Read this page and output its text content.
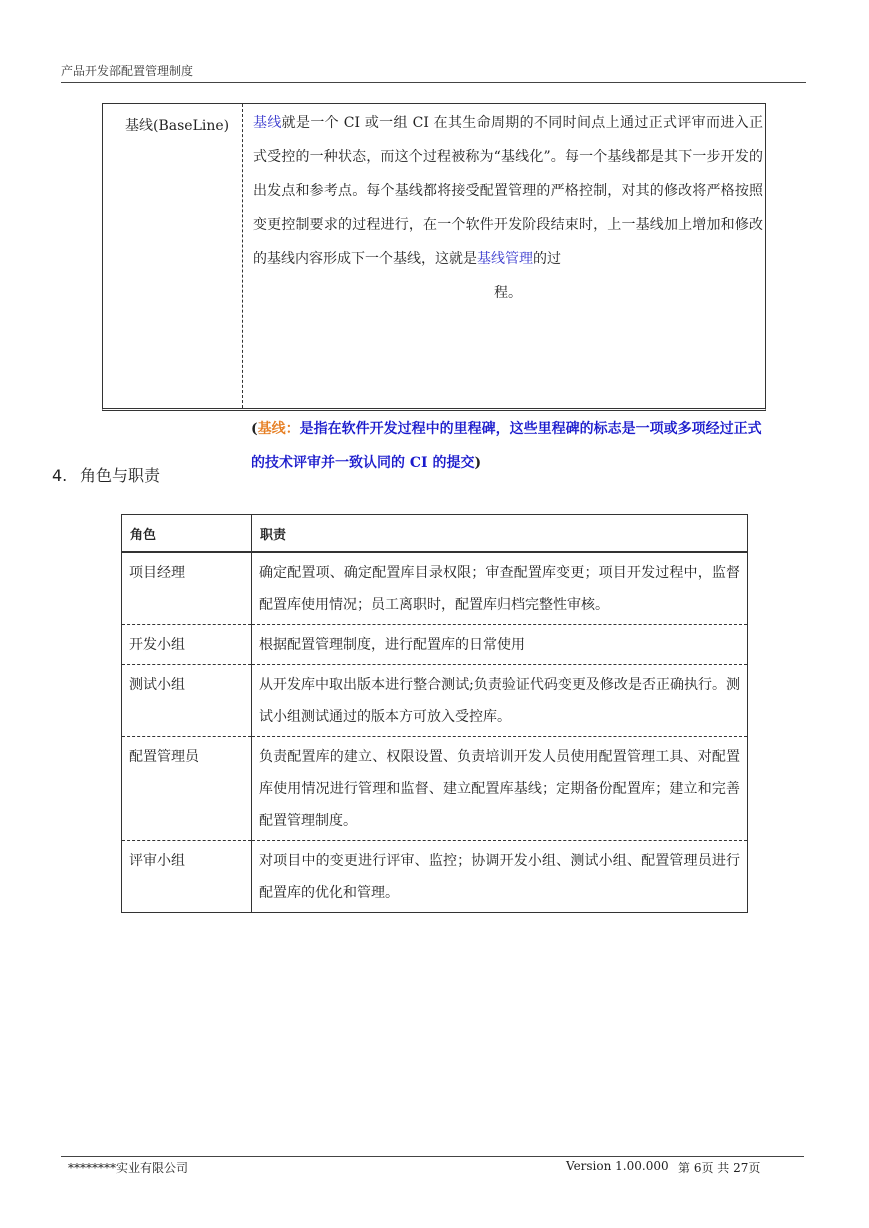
产品开发部配置管理制度
基线(BaseLine) 基线就是一个 CI 或一组 CI 在其生命周期的不同时间点上通过正式评审而进入正式受控的一种状态，而这个过程被称为“基线化”。每一个基线都是其下一步开发的出发点和参考点。每个基线都将接受配置管理的严格控制，对其的修改将严格按照变更控制要求的过程进行，在一个软件开发阶段结束时，上一基线加上增加和修改的基线内容形成下一个基线，这就是基线管理的过
程。
(基线：是指在软件开发过程中的里程碑，这些里程碑的标志是一项或多项经过正式的技术评审并一致认同的 CI 的提交)
4. 角色与职责
角色	职责
项目经理	确定配置项、确定配置库目录权限；审查配置库变更；项目开发过程中，监督配置库使用情况；员工离职时，配置库归档完整性审核。
开发小组	根据配置管理制度，进行配置库的日常使用
测试小组	从开发库中取出版本进行整合测试;负责验证代码变更及修改是否正确执行。测试小组测试通过的版本方可放入受控库。
配置管理员	负责配置库的建立、权限设置、负责培训开发人员使用配置管理工具、对配置库使用情况进行管理和监督、建立配置库基线；定期备份配置库；建立和完善配置管理制度。
评审小组	对项目中的变更进行评审、监控；协调开发小组、测试小组、配置管理员进行配置库的优化和管理。
********实业有限公司	Version 1.00.000 第 6页 共 27页
